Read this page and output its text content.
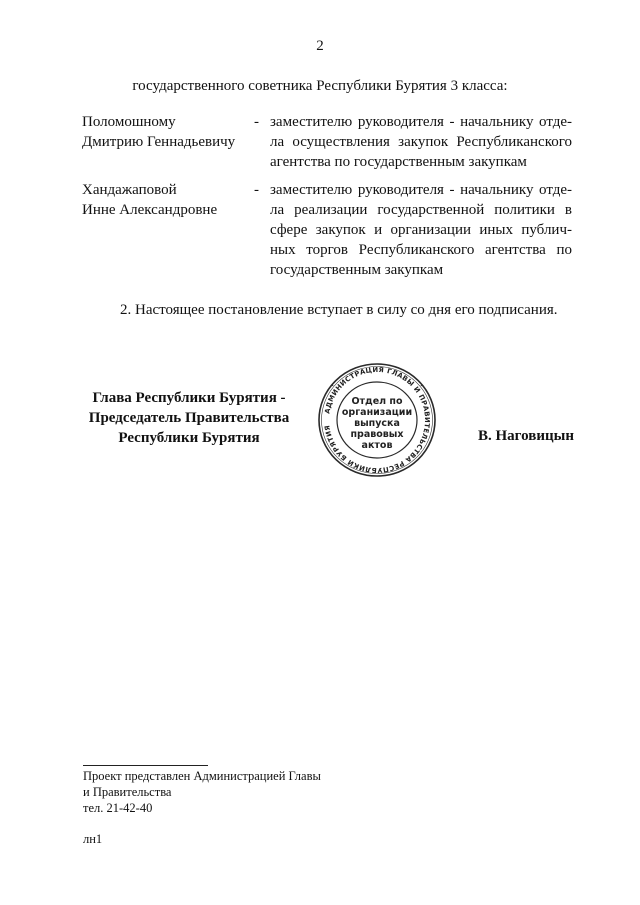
2
государственного советника Республики Бурятия 3 класса:
Поломошному
Дмитрию Геннадьевичу
- заместителю руководителя - начальнику отде-
ла осуществления закупок Республиканского
агентства по государственным закупкам
Хандажаповой
Инне Александровне
- заместителю руководителя - начальнику отде-
ла реализации государственной политики в
сфере закупок и организации иных публич-
ных торгов Республиканского агентства по
государственным закупкам
2. Настоящее постановление вступает в силу со дня его подписания.
Глава Республики Бурятия -
Председатель Правительства
Республики Бурятия
АДМИНИСТРАЦИЯ ГЛАВЫ И ПРАВИТЕЛЬСТВА РЕСПУБЛИКИ БУРЯТИЯ
Отдел по
организации
выпуска
правовых
актов
В. Наговицын
Проект представлен Администрацией Главы
и Правительства
тел. 21-42-40
лн1
